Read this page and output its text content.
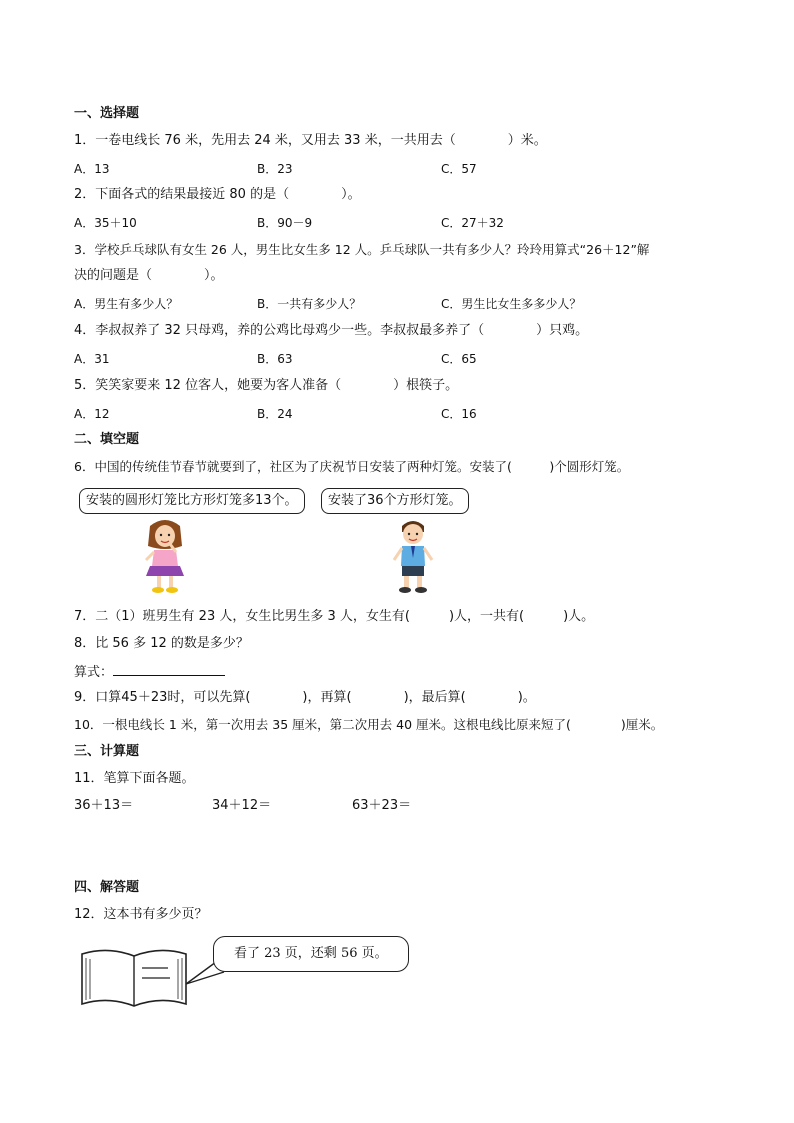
一、选择题
1．一卷电线长 76 米，先用去 24 米，又用去 33 米，一共用去（　　　　）米。
A．13	B．23	C．57
2．下面各式的结果最接近 80 的是（　　　　）。
A．35＋10	B．90－9	C．27＋32
3．学校乒乓球队有女生 26 人，男生比女生多 12 人。乒乓球队一共有多少人？玲玲用算式“26＋12”解
决的问题是（　　　　）。
A．男生有多少人？	B．一共有多少人？	C．男生比女生多多少人？
4．李叔叔养了 32 只母鸡，养的公鸡比母鸡少一些。李叔叔最多养了（　　　　）只鸡。
A．31	B．63	C．65
5．笑笑家要来 12 位客人，她要为客人准备（　　　　）根筷子。
A．12	B．24	C．16
二、填空题
6．中国的传统佳节春节就要到了，社区为了庆祝节日安装了两种灯笼。安装了(　　　)个圆形灯笼。
安装的圆形灯笼比方形灯笼多13个。	安装了36个方形灯笼。
7．二（1）班男生有 23 人，女生比男生多 3 人，女生有(　　　)人，一共有(　　　)人。
8．比 56 多 12 的数是多少？
算式：
9．口算45＋23时，可以先算(　　　　)，再算(　　　　)，最后算(　　　　)。
10．一根电线长 1 米，第一次用去 35 厘米，第二次用去 40 厘米。这根电线比原来短了(　　　　)厘米。
三、计算题
11．笔算下面各题。
36＋13＝	34＋12＝	63＋23＝
四、解答题
12．这本书有多少页？
看了 23 页，还剩 56 页。
